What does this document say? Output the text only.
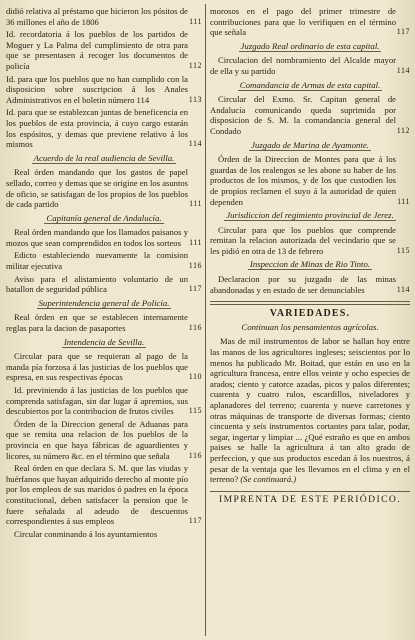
didió relativa al préstamo que hicieron los pósitos de 36 millones el año de 1806	111
Id. recordatoria á los pueblos de los partidos de Moguer y La Palma del cumplimiento de otra para que se presentasen á recoger los documentos de policía	112
Id. para que los pueblos que no han cumplido con la disposicion sobre suscripcion á los Anales Administrativos en el boletin número 114	113
Id. para que se establezcan juntas de beneficencia en los pueblos de esta provincia, á cuyo cargo estarán los espósitos, y demas que previene relativo á los mismos	114
Acuerdo de la real audiencia de Sevilla.
Real órden mandando que los gastos de papel sellado, correo y demas que se origine en los asuntos de oficio, se satisfagan de los propios de los pueblos de cada partido	111
Capitanía general de Andalucía.
Real órden mandando que los llamados paisanos y mozos que sean comprendidos en todos los sorteos	111
Edicto estableciendo nuevamente la comision militar ejecutiva	116
Aviso para el alistamiento voluntario de un batallon de seguridad pública	117
Superintendencia general de Policía.
Real órden en que se establecen internamente reglas para la dacion de pasaportes	116
Intendencia de Sevilla.
Circular para que se requieran al pago de la manda pía forzosa á las justicias de los pueblos que espresa, en sus respectivas épocas	110
Id. previniendo á las justicias de los pueblos que comprenda satisfagan, sin dar lugar á apremios, sus descubiertos por la contribucion de frutos civiles	115
Órden de la Direccion general de Aduanas para que se remita una relacion de los pueblos de la provincia en que haya fábricas de aguardientes y licores, su número &c. en el término que señala	116
Real órden en que declara S. M. que las viudas y huérfanos que hayan adquirido derecho al monte pío por los empleos de sus maridos ó padres en la época constitucional, deben satisfacer la pension que le fuere señalada al adeudo de descuentos correspondientes á sus empleos	117
Circular conminando á los ayuntamientos
morosos en el pago del primer trimestre de contribuciones para que lo verifiquen en el término que señala	117
Juzgado Real ordinario de esta capital.
Circulacion del nombramiento del Alcalde mayor de ella y su partido	114
Comandancia de Armas de esta capital.
Circular del Exmo. Sr. Capitan general de Andalucía comunicando queda suprimida por disposicion de S. M. la comandancia general del Condado	112
Juzgado de Marina de Ayamonte.
Órden de la Direccion de Montes para que á los guardas de los realengos se les abone su haber de los productos de los mismos, y de los que custodien los de propios reclamen el suyo á la autoridad de quien dependen	111
Jurisdiccion del regimiento provincial de Jerez.
Circular para que los pueblos que comprende remitan la relacion autorizada del vecindario que se les pidió en otra de 13 de febrero	115
Inspeccion de Minas de Rio Tinto.
Declaracion por su juzgado de las minas abandonadas y en estado de ser denunciables	114
VARIEDADES.
Continuan los pensamientos agrícolas.

Mas de mil instrumentos de labor se hallan hoy entre las manos de los agricultores ingleses; seiscientos por lo menos ha publicado Mr. Boitad, que están en uso en la agricultura francesa, entre ellos veinte y ocho especies de arados; ciento y catorce azadas, picos y palos diferentes; cuarenta y cuatro rulos, escardillos, niveladores y aplanadores del terreno; cuarenta y nueve carretones y otras máquinas de transporte de diversas formas; ciento cincuenta y seis instrumentos cortantes para talar, podar, segar, ingertar y limpiar ... ¿Qué estraño es que en ambos paises se halle la agricultura á tan alto grado de perfeccion, y que sus productos escedan á los nuestros, á pesar de la ventaja que les llevamos en el clima y en el terreno? (Se continuará.)

IMPRENTA DE ESTE PERIÓDICO.
